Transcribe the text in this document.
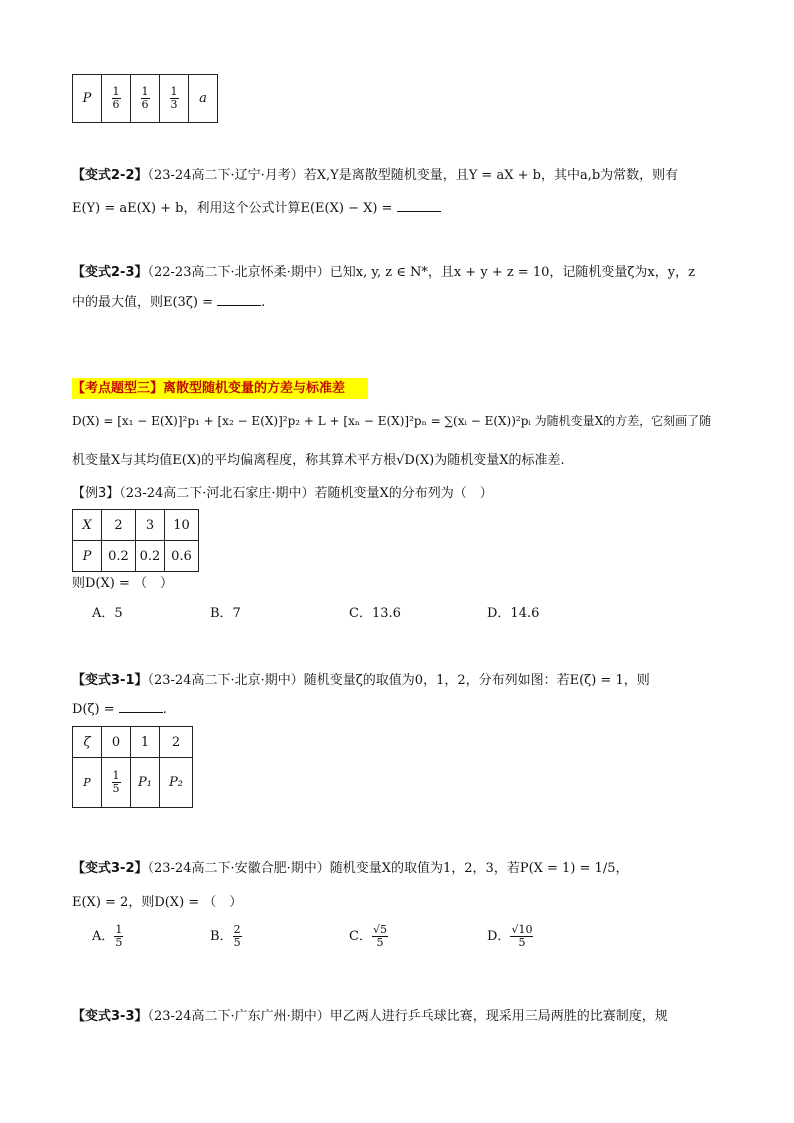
P	$\frac{1}{6}$	$\frac{1}{6}$	$\frac{1}{3}$	a
【变式2-2】（23-24高二下·辽宁·月考）若X,Y是离散型随机变量，且Y = aX + b，其中a,b为常数，则有
E(Y) = aE(X) + b，利用这个公式计算E(E(X) − X) =
【变式2-3】（22-23高二下·北京怀柔·期中）已知x, y, z ∈ N*，且x + y + z = 10，记随机变量ζ为x，y，z
中的最大值，则E(3ζ) =	.
【考点题型三】离散型随机变量的方差与标准差
D(X) = [x₁ − E(X)]²p₁ + [x₂ − E(X)]²p₂ + L + [xₙ − E(X)]²pₙ = ∑(xᵢ − E(X))²pᵢ 为随机变量X的方差，它刻画了随
机变量X与其均值E(X)的平均偏离程度，称其算术平方根√D(X)为随机变量X的标准差.
【例3】（23-24高二下·河北石家庄·期中）若随机变量X的分布列为（　）
X	2	3	10
P	0.2	0.2	0.6
则D(X) = （　）
A．5	B．7	C．13.6	D．14.6
【变式3-1】（23-24高二下·北京·期中）随机变量ζ的取值为0，1，2，分布列如图：若E(ζ) = 1，则
D(ζ) =	.
ζ	0	1	2
P	$\frac{1}{5}$	P₁	P₂
【变式3-2】（23-24高二下·安徽合肥·期中）随机变量X的取值为1，2，3，若P(X = 1) = 1/5，
E(X) = 2，则D(X) = （　）
A． $\frac{1}{5}$	B． $\frac{2}{5}$	C． $\frac{√5}{5}$	D． $\frac{√10}{5}$
【变式3-3】（23-24高二下·广东广州·期中）甲乙两人进行乒乓球比赛，现采用三局两胜的比赛制度，规
